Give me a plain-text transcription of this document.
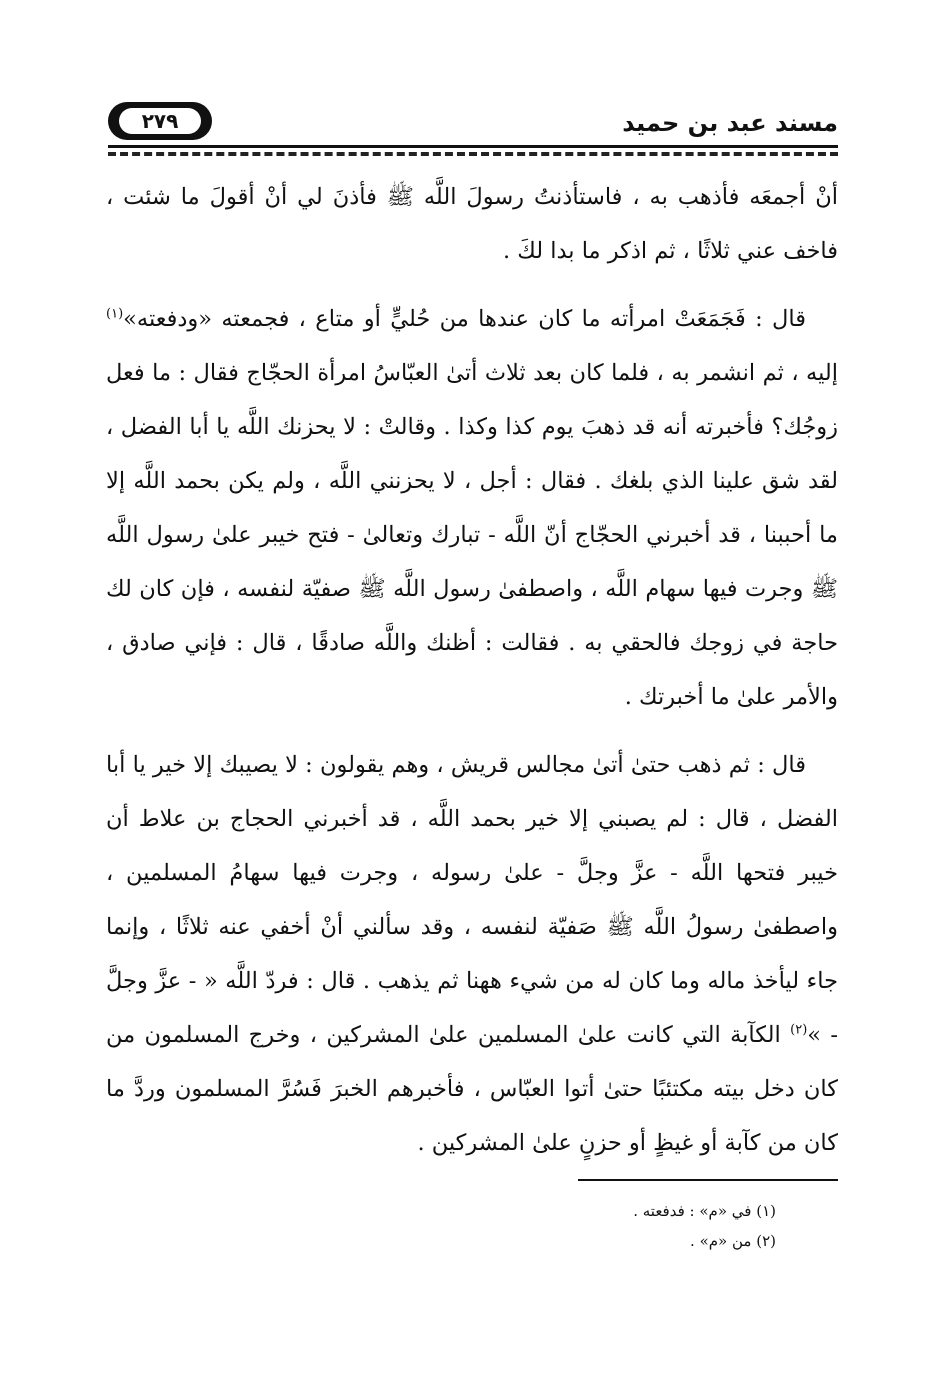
مسند عبد بن حميد
٢٧٩

أنْ أجمعَه فأذهب به ، فاستأذنتُ رسولَ اللَّه ﷺ فأذنَ لي أنْ أقولَ ما شئت ، فاخف عني ثلاثًا ، ثم اذكر ما بدا لكَ .

قال : فَجَمَعَتْ امرأته ما كان عندها من حُليٍّ أو متاع ، فجمعته «ودفعته»$^{(١)}$ إليه ، ثم انشمر به ، فلما كان بعد ثلاث أتىٰ العبّاسُ امرأة الحجّاج فقال : ما فعل زوجُك؟ فأخبرته أنه قد ذهبَ يوم كذا وكذا . وقالتْ : لا يحزنك اللَّه يا أبا الفضل ، لقد شق علينا الذي بلغك . فقال : أجل ، لا يحزنني اللَّه ، ولم يكن بحمد اللَّه إلا ما أحببنا ، قد أخبرني الحجّاج أنّ اللَّه - تبارك وتعالىٰ - فتح خيبر علىٰ رسول اللَّه ﷺ وجرت فيها سهام اللَّه ، واصطفىٰ رسول اللَّه ﷺ صفيّة لنفسه ، فإن كان لك حاجة في زوجك فالحقي به . فقالت : أظنك واللَّه صادقًا ، قال : فإني صادق ، والأمر علىٰ ما أخبرتك .

قال : ثم ذهب حتىٰ أتىٰ مجالس قريش ، وهم يقولون : لا يصيبك إلا خير يا أبا الفضل ، قال : لم يصبني إلا خير بحمد اللَّه ، قد أخبرني الحجاج بن علاط أن خيبر فتحها اللَّه - عزَّ وجلَّ - علىٰ رسوله ، وجرت فيها سهامُ المسلمين ، واصطفىٰ رسولُ اللَّه ﷺ صَفيّة لنفسه ، وقد سألني أنْ أخفي عنه ثلاثًا ، وإنما جاء ليأخذ ماله وما كان له من شيء ههنا ثم يذهب . قال : فردّ اللَّه « - عزَّ وجلَّ - »$^{(٢)}$ الكآبة التي كانت علىٰ المسلمين علىٰ المشركين ، وخرج المسلمون من كان دخل بيته مكتئبًا حتىٰ أتوا العبّاس ، فأخبرهم الخبرَ فَسُرَّ المسلمون وردَّ ما كان من كآبة أو غيظٍ أو حزنٍ علىٰ المشركين .

(١) في «م» : فدفعته .
(٢) من «م» .
